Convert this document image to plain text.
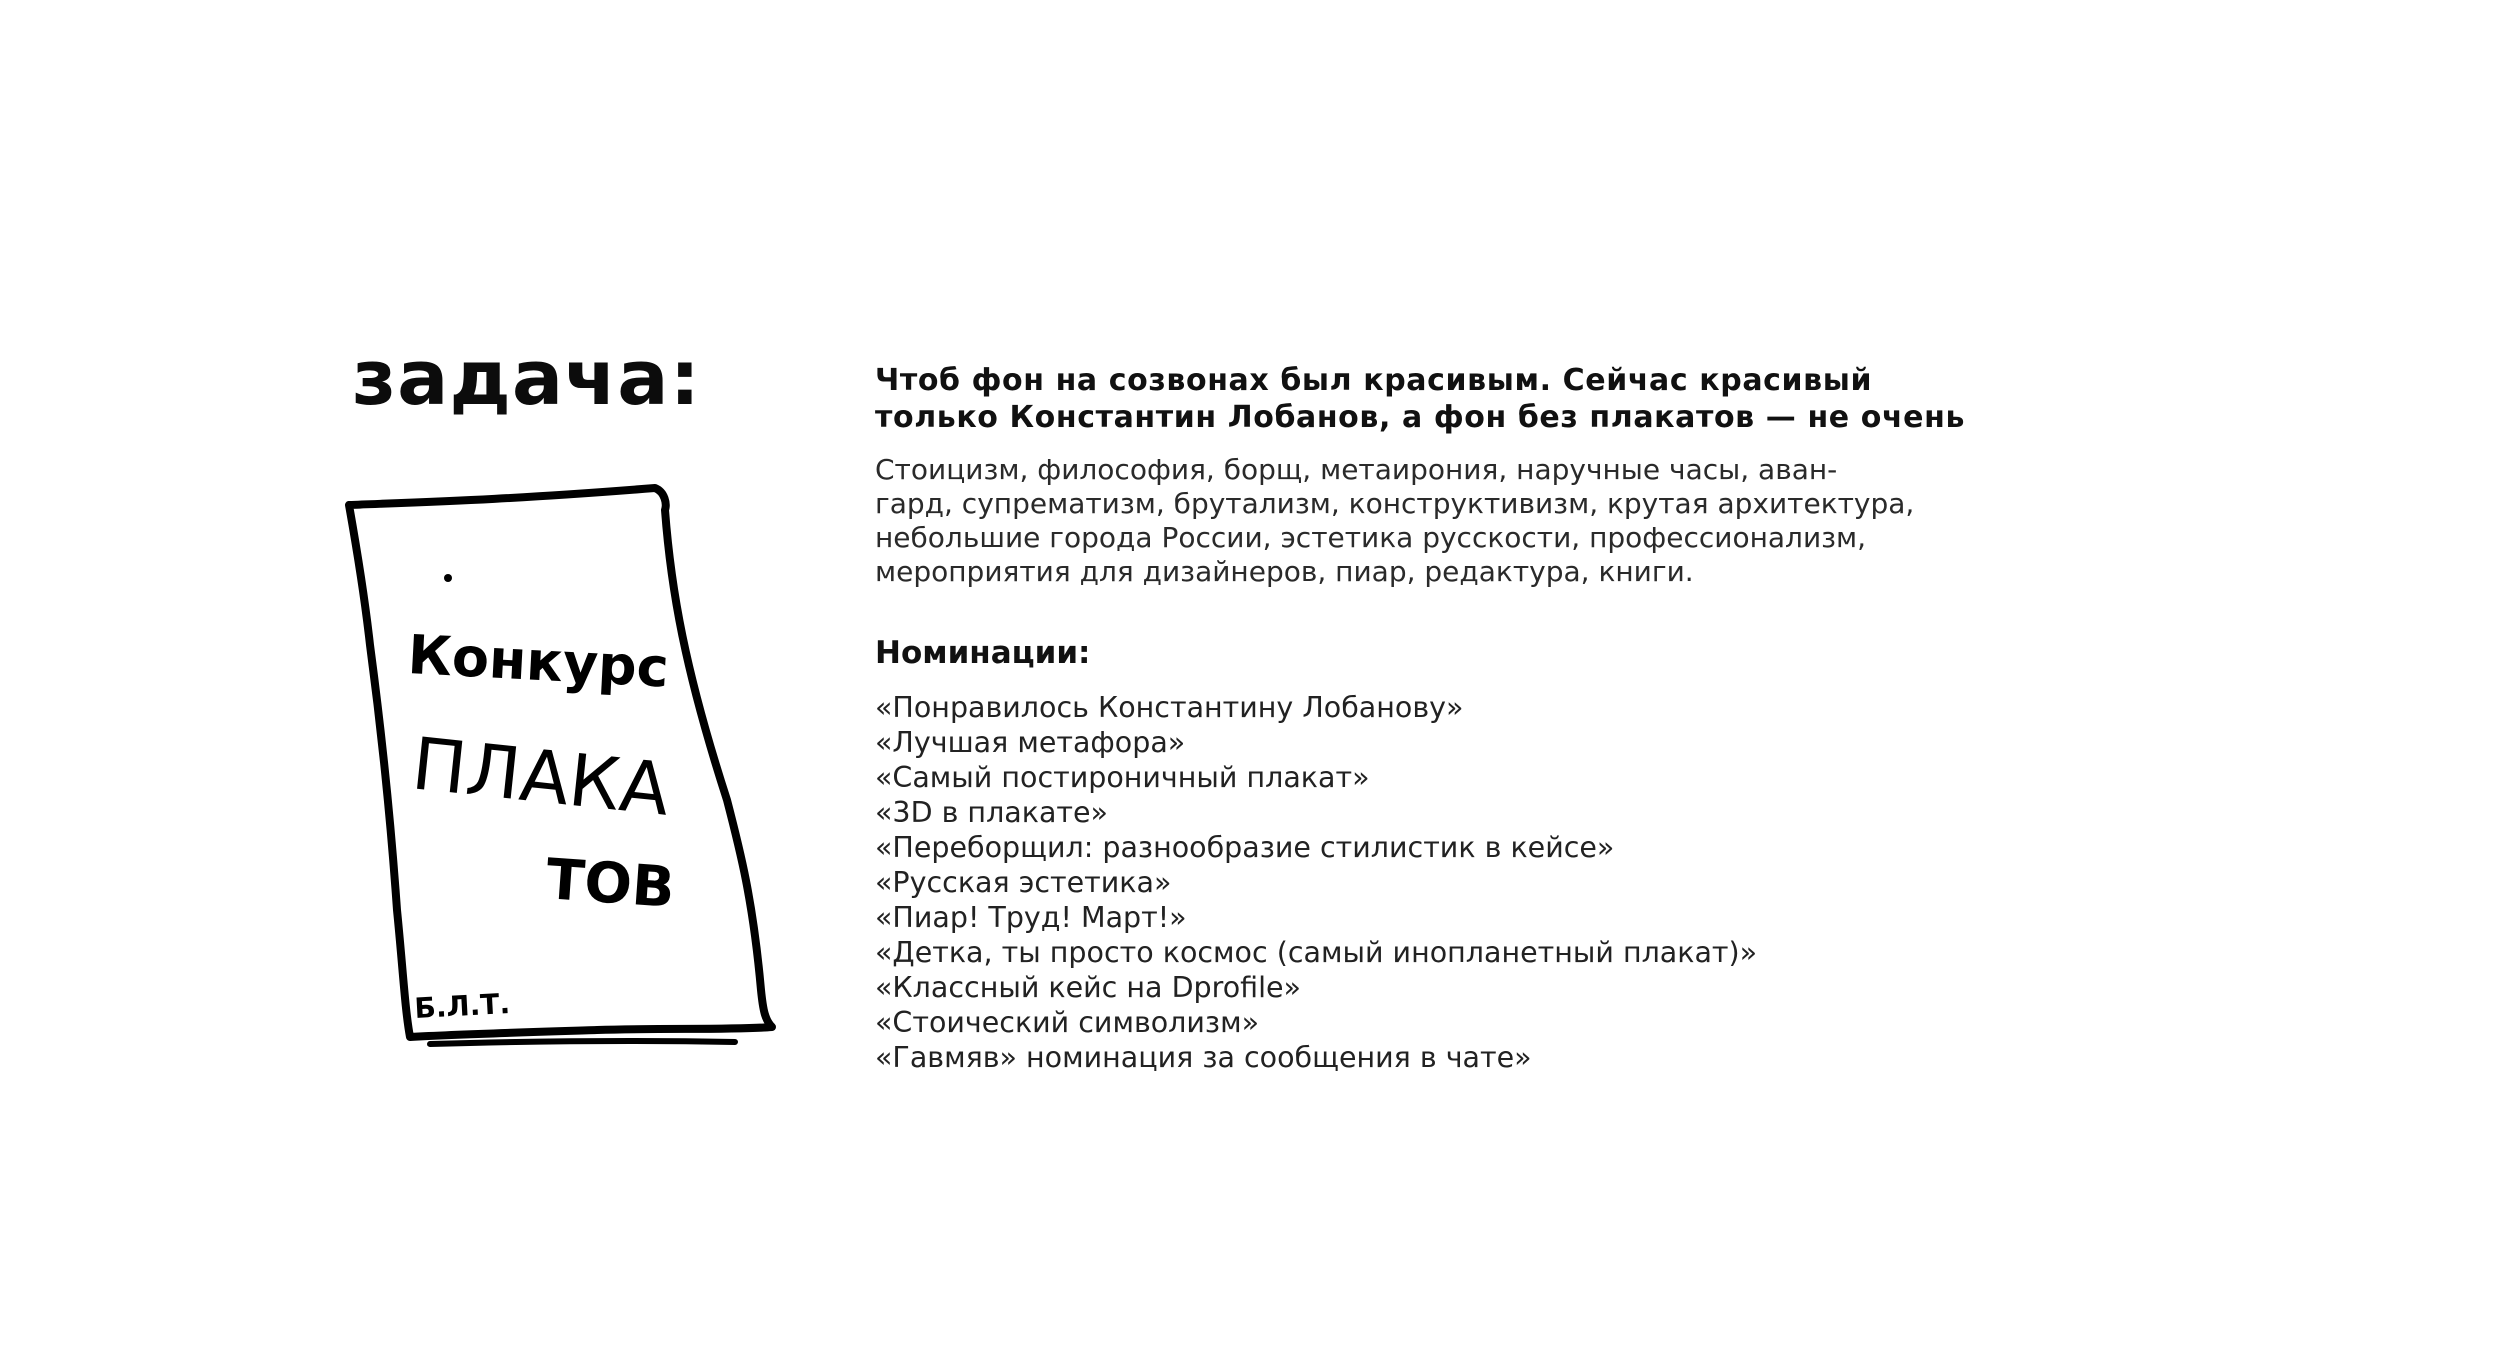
задача:
Конкурс
ПЛАКА
ТОВ
Б.Л.Т.
Чтоб фон на созвонах был красивым. Сейчас красивый
только Константин Лобанов, а фон без плакатов — не очень
Стоицизм, философия, борщ, метаирония, наручные часы, аван-
гард, супрематизм, брутализм, конструктивизм, крутая архитектура,
небольшие города России, эстетика русскости, профессионализм,
мероприятия для дизайнеров, пиар, редактура, книги.
Номинации:
«Понравилось Константину Лобанову»
«Лучшая метафора»
«Самый постироничный плакат»
«3D в плакате»
«Переборщил: разнообразие стилистик в кейсе»
«Русская эстетика»
«Пиар! Труд! Март!»
«Детка, ты просто космос (самый инопланетный плакат)»
«Классный кейс на Dprofile»
«Стоический символизм»
«Гавмяв» номинация за сообщения в чате»
